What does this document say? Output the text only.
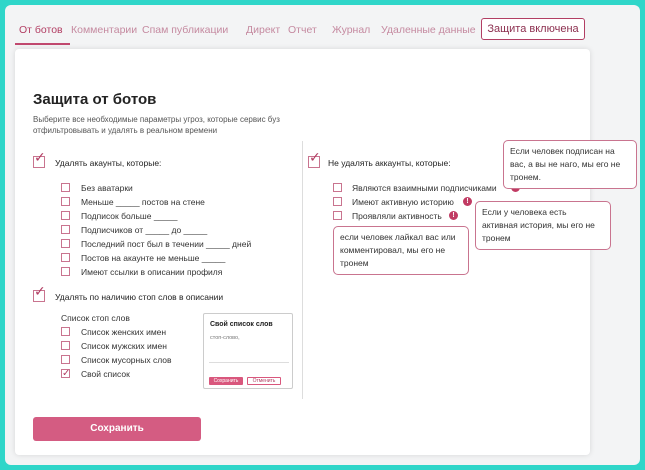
От ботов Комментарии Спам публикации Директ Отчет Журнал Удаленные данные	Защита включена
Защита от ботов
Выберите все необходимые параметры угроз, которые сервис буз отфильтровывать и удалять в реальном времени
✓ Удалять акаунты, которые:
Без аватарки
Меньше _____ постов на стене
Подписок больше _____
Подписчиков от _____ до _____
Последний пост был в течении _____ дней
Постов на акаунте не меньше _____
Имеют ссылки в описании профиля
✓ Удалять по наличию стоп слов в описании
Список стоп слов
Список женских имен
Список мужских имен
Список мусорных слов
✓ Свой список
Свой список слов
стоп-слово,
Сохранить	Отменить
✓ Не удалять аккаунты, которые:
Являются взаимными подписчиками
Имеют активную историю	!
Проявляли активность	!
Если человек подписан на вас, а вы не наго, мы его не тронем.
Если у человека есть активная история, мы его не тронем
если человек лайкал вас или комментировал, мы его не тронем
Сохранить
